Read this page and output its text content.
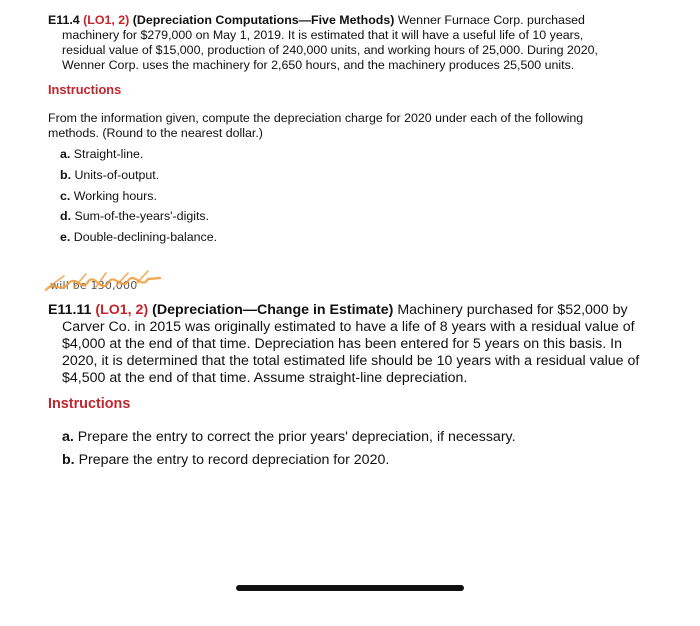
E11.4 (LO1, 2) (Depreciation Computations—Five Methods) Wenner Furnace Corp. purchased machinery for $279,000 on May 1, 2019. It is estimated that it will have a useful life of 10 years, residual value of $15,000, production of 240,000 units, and working hours of 25,000. During 2020, Wenner Corp. uses the machinery for 2,650 hours, and the machinery produces 25,500 units.

Instructions

From the information given, compute the depreciation charge for 2020 under each of the following methods. (Round to the nearest dollar.)

a. Straight-line.
b. Units-of-output.
c. Working hours.
d. Sum-of-the-years'-digits.
e. Double-declining-balance.
will be 130,000

E11.11 (LO1, 2) (Depreciation—Change in Estimate) Machinery purchased for $52,000 by Carver Co. in 2015 was originally estimated to have a life of 8 years with a residual value of $4,000 at the end of that time. Depreciation has been entered for 5 years on this basis. In 2020, it is determined that the total estimated life should be 10 years with a residual value of $4,500 at the end of that time. Assume straight-line depreciation.

Instructions

a. Prepare the entry to correct the prior years' depreciation, if necessary.
b. Prepare the entry to record depreciation for 2020.
